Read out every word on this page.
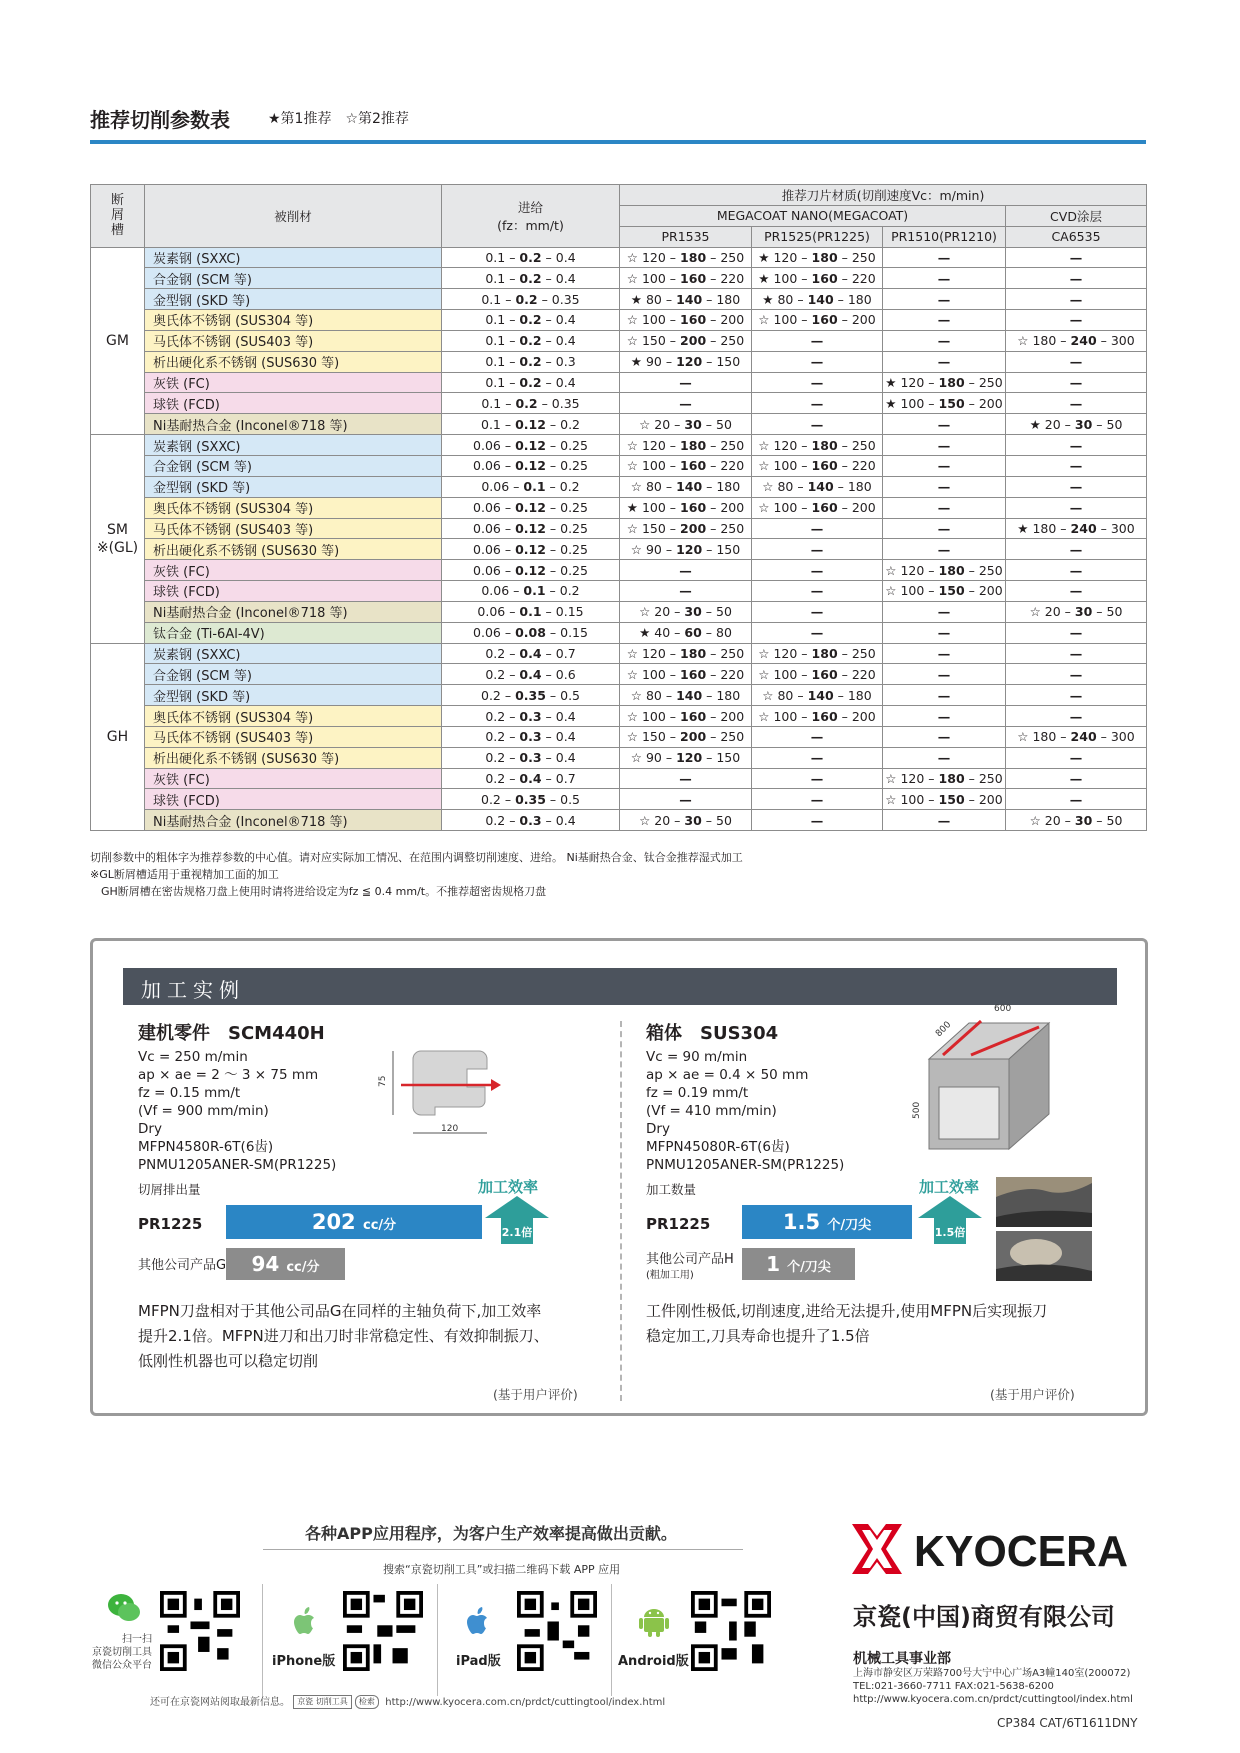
推荐切削参数表	★第1推荐　☆第2推荐
断屑槽	被削材	进给
(fz：mm/t)	推荐刀片材质(切削速度Vc：m/min)			
			MEGACOAT NANO(MEGACOAT)			CVD涂层
			PR1535	PR1525(PR1225)	PR1510(PR1210)	CA6535
GM	炭素钢 (SXXC)	0.1 – 0.2 – 0.4	☆ 120 – 180 – 250	★ 120 – 180 – 250	—	—
	合金钢 (SCM 等)	0.1 – 0.2 – 0.4	☆ 100 – 160 – 220	★ 100 – 160 – 220	—	—
	金型钢 (SKD 等)	0.1 – 0.2 – 0.35	★ 80 – 140 – 180	★ 80 – 140 – 180	—	—
	奥氏体不锈钢 (SUS304 等)	0.1 – 0.2 – 0.4	☆ 100 – 160 – 200	☆ 100 – 160 – 200	—	—
	马氏体不锈钢 (SUS403 等)	0.1 – 0.2 – 0.4	☆ 150 – 200 – 250	—	—	☆ 180 – 240 – 300
	析出硬化系不锈钢 (SUS630 等)	0.1 – 0.2 – 0.3	★ 90 – 120 – 150	—	—	—
	灰铁 (FC)	0.1 – 0.2 – 0.4	—	—	★ 120 – 180 – 250	—
	球铁 (FCD)	0.1 – 0.2 – 0.35	—	—	★ 100 – 150 – 200	—
	Ni基耐热合金 (Inconel®718 等)	0.1 – 0.12 – 0.2	☆ 20 – 30 – 50	—	—	★ 20 – 30 – 50
SM
※(GL)	炭素钢 (SXXC)	0.06 – 0.12 – 0.25	☆ 120 – 180 – 250	☆ 120 – 180 – 250	—	—
	合金钢 (SCM 等)	0.06 – 0.12 – 0.25	☆ 100 – 160 – 220	☆ 100 – 160 – 220	—	—
	金型钢 (SKD 等)	0.06 – 0.1 – 0.2	☆ 80 – 140 – 180	☆ 80 – 140 – 180	—	—
	奥氏体不锈钢 (SUS304 等)	0.06 – 0.12 – 0.25	★ 100 – 160 – 200	☆ 100 – 160 – 200	—	—
	马氏体不锈钢 (SUS403 等)	0.06 – 0.12 – 0.25	☆ 150 – 200 – 250	—	—	★ 180 – 240 – 300
	析出硬化系不锈钢 (SUS630 等)	0.06 – 0.12 – 0.25	☆ 90 – 120 – 150	—	—	—
	灰铁 (FC)	0.06 – 0.12 – 0.25	—	—	☆ 120 – 180 – 250	—
	球铁 (FCD)	0.06 – 0.1 – 0.2	—	—	☆ 100 – 150 – 200	—
	Ni基耐热合金 (Inconel®718 等)	0.06 – 0.1 – 0.15	☆ 20 – 30 – 50	—	—	☆ 20 – 30 – 50
	钛合金 (Ti-6Al-4V)	0.06 – 0.08 – 0.15	★ 40 – 60 – 80	—	—	—
GH	炭素钢 (SXXC)	0.2 – 0.4 – 0.7	☆ 120 – 180 – 250	☆ 120 – 180 – 250	—	—
	合金钢 (SCM 等)	0.2 – 0.4 – 0.6	☆ 100 – 160 – 220	☆ 100 – 160 – 220	—	—
	金型钢 (SKD 等)	0.2 – 0.35 – 0.5	☆ 80 – 140 – 180	☆ 80 – 140 – 180	—	—
	奥氏体不锈钢 (SUS304 等)	0.2 – 0.3 – 0.4	☆ 100 – 160 – 200	☆ 100 – 160 – 200	—	—
	马氏体不锈钢 (SUS403 等)	0.2 – 0.3 – 0.4	☆ 150 – 200 – 250	—	—	☆ 180 – 240 – 300
	析出硬化系不锈钢 (SUS630 等)	0.2 – 0.3 – 0.4	☆ 90 – 120 – 150	—	—	—
	灰铁 (FC)	0.2 – 0.4 – 0.7	—	—	☆ 120 – 180 – 250	—
	球铁 (FCD)	0.2 – 0.35 – 0.5	—	—	☆ 100 – 150 – 200	—
	Ni基耐热合金 (Inconel®718 等)	0.2 – 0.3 – 0.4	☆ 20 – 30 – 50	—	—	☆ 20 – 30 – 50
切削参数中的粗体字为推荐参数的中心值。请对应实际加工情况、在范围内调整切削速度、进给。 Ni基耐热合金、钛合金推荐湿式加工
※GL断屑槽适用于重视精加工面的加工
　GH断屑槽在密齿规格刀盘上使用时请将进给设定为fz ≦ 0.4 mm/t。不推荐超密齿规格刀盘
加工实例
建机零件　SCM440H
Vc = 250 m/min
ap × ae = 2 ～ 3 × 75 mm
fz = 0.15 mm/t
(Vf = 900 mm/min)
Dry
MFPN4580R-6T(6齿)
PNMU1205ANER-SM(PR1225)
75
120
切屑排出量	加工效率
PR1225	202 cc/分	2.1倍
其他公司产品G	94 cc/分
MFPN刀盘相对于其他公司品G在同样的主轴负荷下,加工效率
提升2.1倍。MFPN进刀和出刀时非常稳定性、有效抑制振刀、
低刚性机器也可以稳定切削
(基于用户评价)
箱体　SUS304
Vc = 90 m/min
ap × ae = 0.4 × 50 mm
fz = 0.19 mm/t
(Vf = 410 mm/min)
Dry
MFPN45080R-6T(6齿)
PNMU1205ANER-SM(PR1225)
600
800
500
加工数量	加工效率
PR1225	1.5 个/刀尖	1.5倍
其他公司产品H
(粗加工用)	1 个/刀尖
工件刚性极低,切削速度,进给无法提升,使用MFPN后实现振刀
稳定加工,刀具寿命也提升了1.5倍
(基于用户评价)
各种APP应用程序，为客户生产效率提高做出贡献。
搜索“京瓷切削工具”或扫描二维码下载 APP 应用
扫一扫
京瓷切削工具
微信公众平台	iPhone版	iPad版	Android版
还可在京瓷网站阅取最新信息。 京瓷 切削工具 检索 http://www.kyocera.com.cn/prdct/cuttingtool/index.html
KYOCERA
京瓷(中国)商贸有限公司
机械工具事业部
上海市静安区万荣路700号大宁中心广场A3幢140室(200072)
TEL:021-3660-7711 FAX:021-5638-6200
http://www.kyocera.com.cn/prdct/cuttingtool/index.html
CP384 CAT/6T1611DNY
